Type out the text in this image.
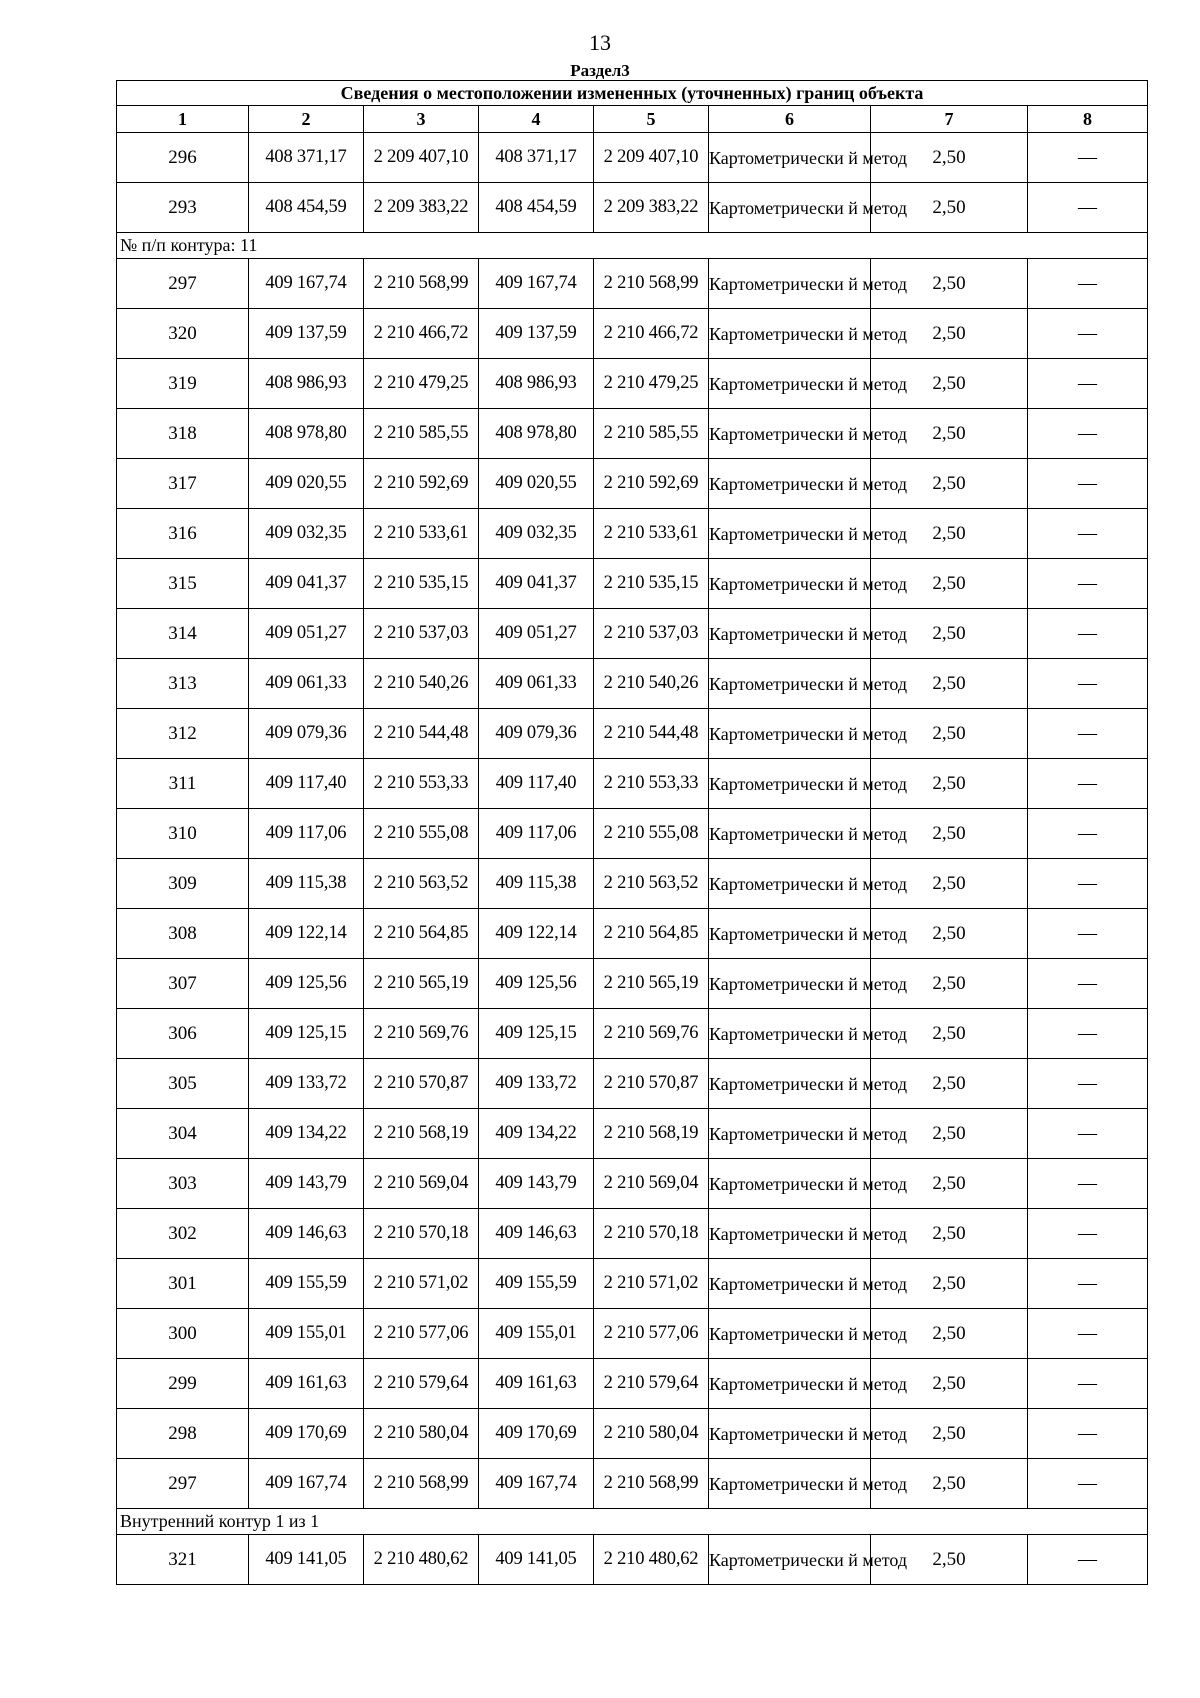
13
Раздел3
Сведения о местоположении измененных (уточненных) границ объекта							
1	2	3	4	5	6	7	8
296	408 371,17	2 209 407,10	408 371,17	2 209 407,10	Картометрически й метод	2,50	—
293	408 454,59	2 209 383,22	408 454,59	2 209 383,22	Картометрически й метод	2,50	—
№ п/п контура: 11							
297	409 167,74	2 210 568,99	409 167,74	2 210 568,99	Картометрически й метод	2,50	—
320	409 137,59	2 210 466,72	409 137,59	2 210 466,72	Картометрически й метод	2,50	—
319	408 986,93	2 210 479,25	408 986,93	2 210 479,25	Картометрически й метод	2,50	—
318	408 978,80	2 210 585,55	408 978,80	2 210 585,55	Картометрически й метод	2,50	—
317	409 020,55	2 210 592,69	409 020,55	2 210 592,69	Картометрически й метод	2,50	—
316	409 032,35	2 210 533,61	409 032,35	2 210 533,61	Картометрически й метод	2,50	—
315	409 041,37	2 210 535,15	409 041,37	2 210 535,15	Картометрически й метод	2,50	—
314	409 051,27	2 210 537,03	409 051,27	2 210 537,03	Картометрически й метод	2,50	—
313	409 061,33	2 210 540,26	409 061,33	2 210 540,26	Картометрически й метод	2,50	—
312	409 079,36	2 210 544,48	409 079,36	2 210 544,48	Картометрически й метод	2,50	—
311	409 117,40	2 210 553,33	409 117,40	2 210 553,33	Картометрически й метод	2,50	—
310	409 117,06	2 210 555,08	409 117,06	2 210 555,08	Картометрически й метод	2,50	—
309	409 115,38	2 210 563,52	409 115,38	2 210 563,52	Картометрически й метод	2,50	—
308	409 122,14	2 210 564,85	409 122,14	2 210 564,85	Картометрически й метод	2,50	—
307	409 125,56	2 210 565,19	409 125,56	2 210 565,19	Картометрически й метод	2,50	—
306	409 125,15	2 210 569,76	409 125,15	2 210 569,76	Картометрически й метод	2,50	—
305	409 133,72	2 210 570,87	409 133,72	2 210 570,87	Картометрически й метод	2,50	—
304	409 134,22	2 210 568,19	409 134,22	2 210 568,19	Картометрически й метод	2,50	—
303	409 143,79	2 210 569,04	409 143,79	2 210 569,04	Картометрически й метод	2,50	—
302	409 146,63	2 210 570,18	409 146,63	2 210 570,18	Картометрически й метод	2,50	—
301	409 155,59	2 210 571,02	409 155,59	2 210 571,02	Картометрически й метод	2,50	—
300	409 155,01	2 210 577,06	409 155,01	2 210 577,06	Картометрически й метод	2,50	—
299	409 161,63	2 210 579,64	409 161,63	2 210 579,64	Картометрически й метод	2,50	—
298	409 170,69	2 210 580,04	409 170,69	2 210 580,04	Картометрически й метод	2,50	—
297	409 167,74	2 210 568,99	409 167,74	2 210 568,99	Картометрически й метод	2,50	—
Внутренний контур 1 из 1							
321	409 141,05	2 210 480,62	409 141,05	2 210 480,62	Картометрически й метод	2,50	—
